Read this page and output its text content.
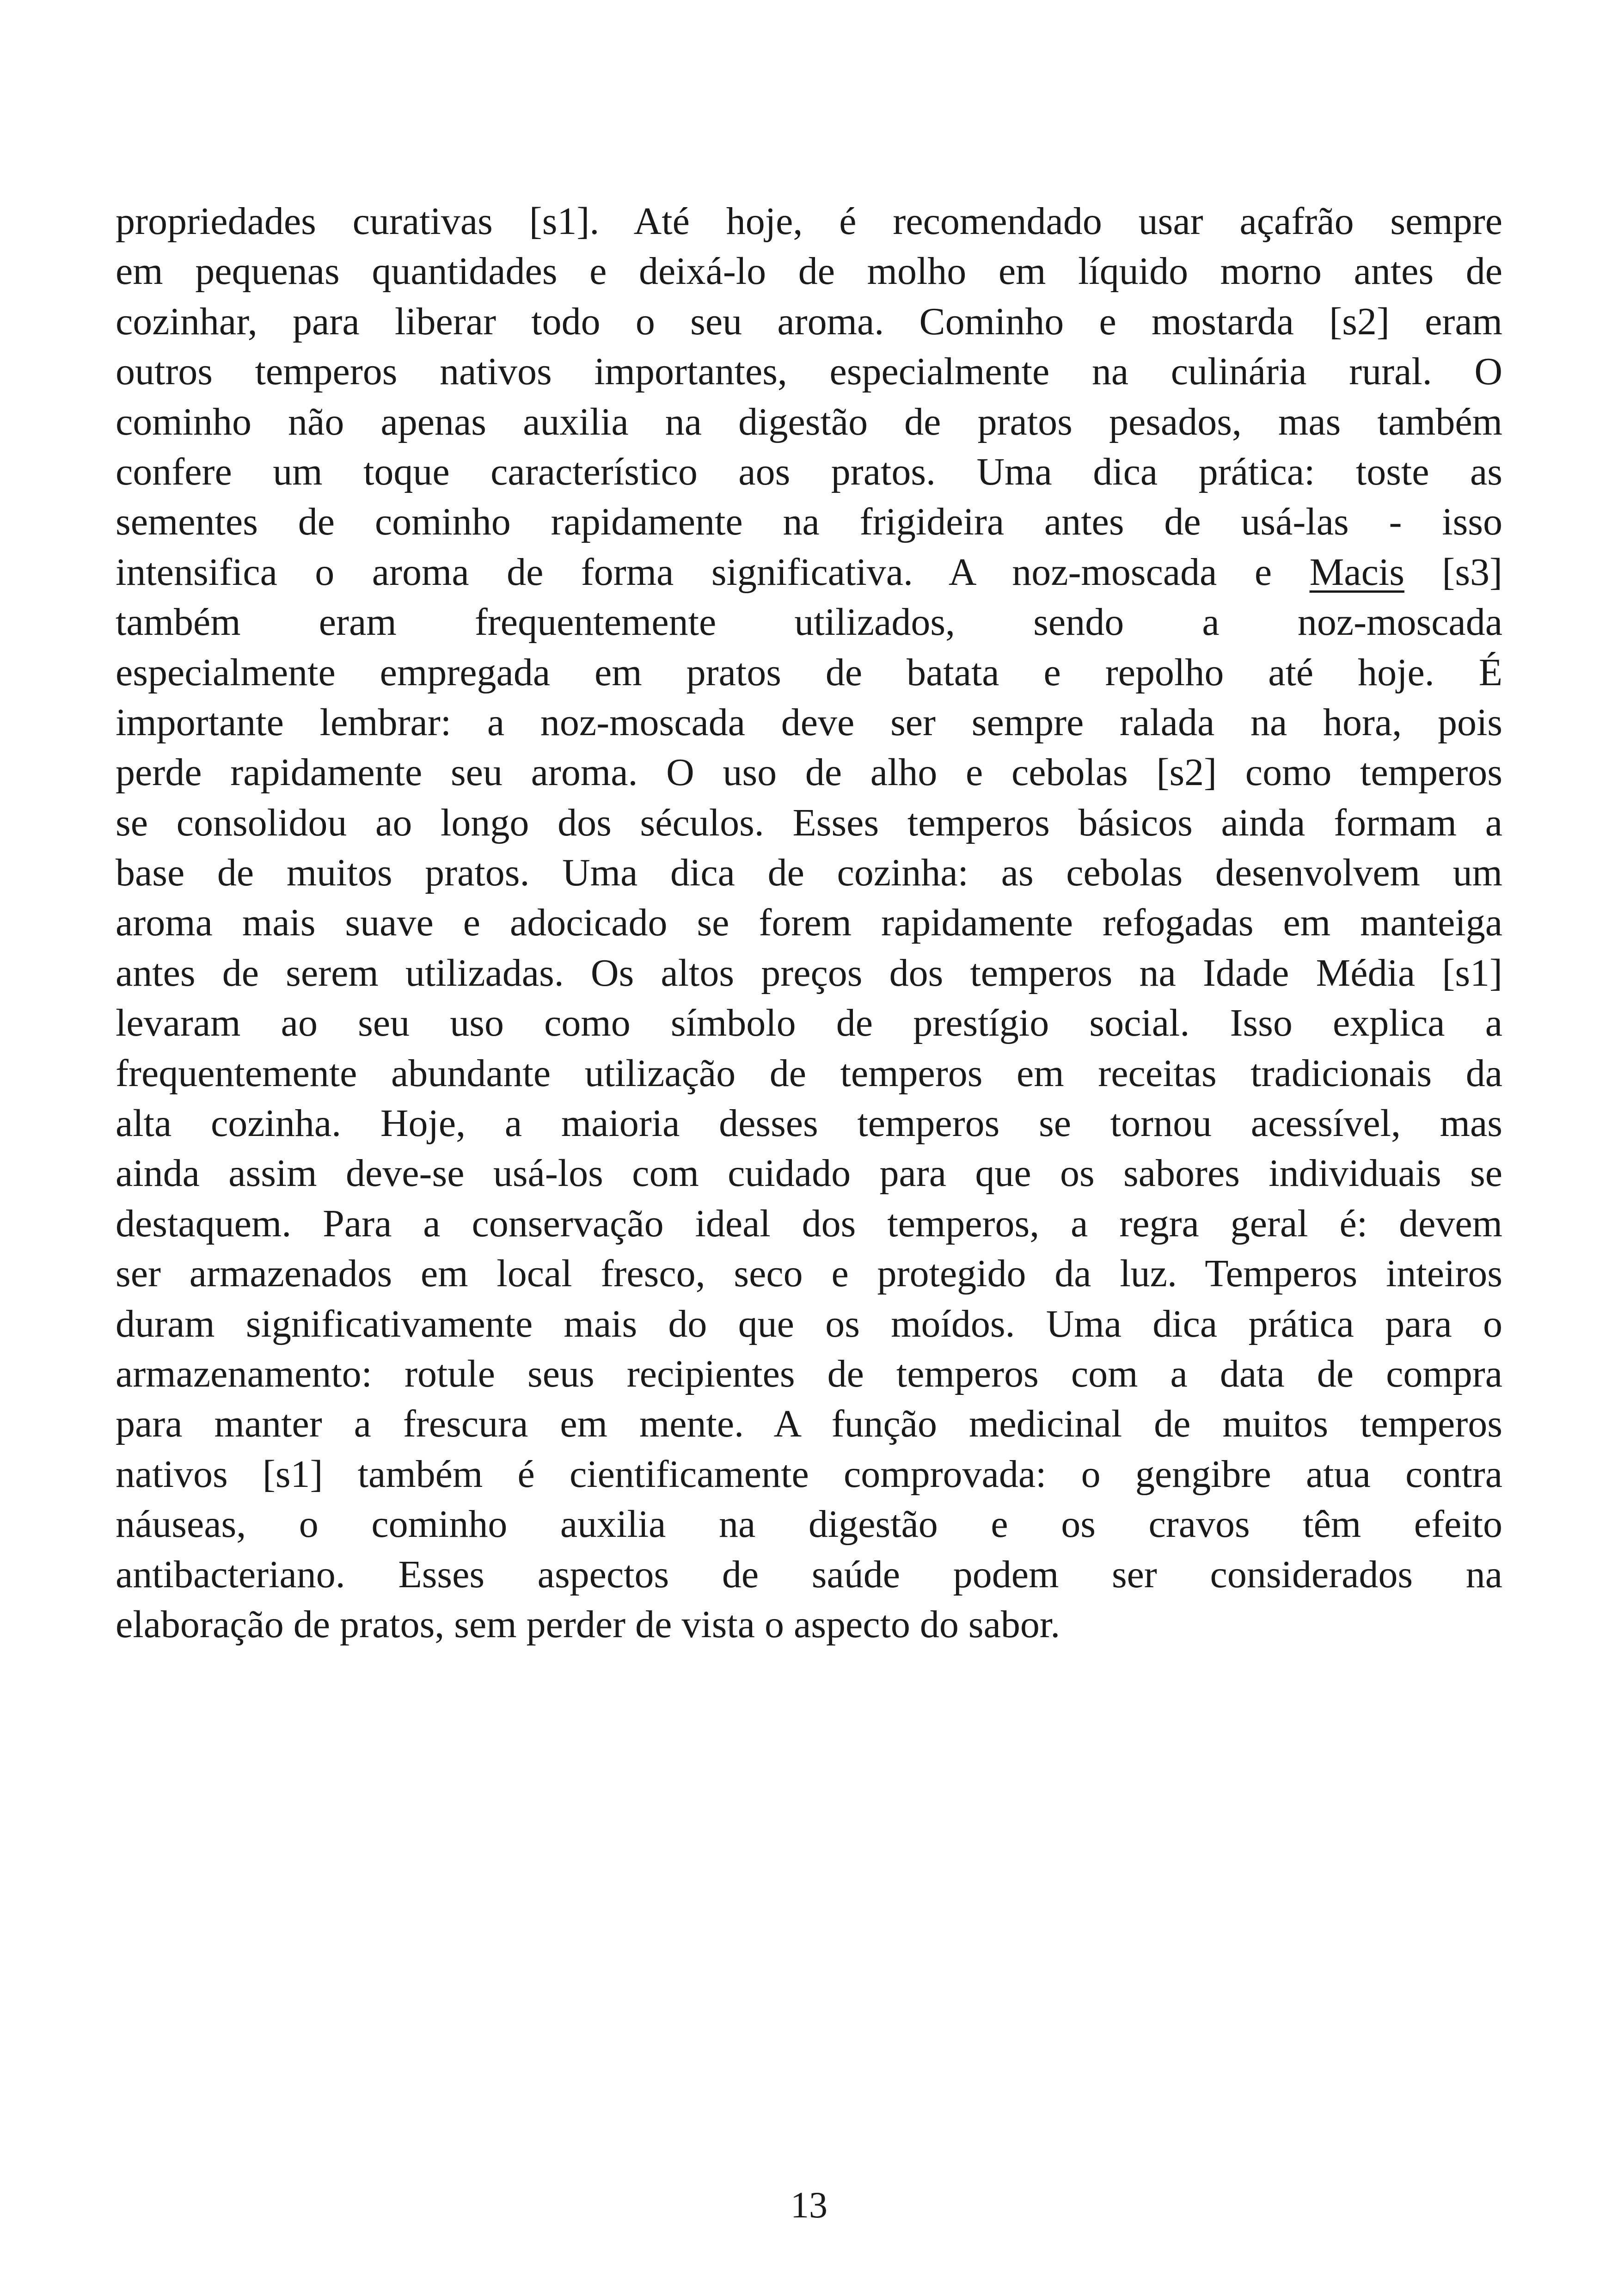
propriedades curativas [s1]. Até hoje, é recomendado usar açafrão sempre
em pequenas quantidades e deixá-lo de molho em líquido morno antes de
cozinhar, para liberar todo o seu aroma. Cominho e mostarda [s2] eram
outros temperos nativos importantes, especialmente na culinária rural. O
cominho não apenas auxilia na digestão de pratos pesados, mas também
confere um toque característico aos pratos. Uma dica prática: toste as
sementes de cominho rapidamente na frigideira antes de usá-las - isso
intensifica o aroma de forma significativa. A noz-moscada e Macis [s3]
também eram frequentemente utilizados, sendo a noz-moscada
especialmente empregada em pratos de batata e repolho até hoje. É
importante lembrar: a noz-moscada deve ser sempre ralada na hora, pois
perde rapidamente seu aroma. O uso de alho e cebolas [s2] como temperos
se consolidou ao longo dos séculos. Esses temperos básicos ainda formam a
base de muitos pratos. Uma dica de cozinha: as cebolas desenvolvem um
aroma mais suave e adocicado se forem rapidamente refogadas em manteiga
antes de serem utilizadas. Os altos preços dos temperos na Idade Média [s1]
levaram ao seu uso como símbolo de prestígio social. Isso explica a
frequentemente abundante utilização de temperos em receitas tradicionais da
alta cozinha. Hoje, a maioria desses temperos se tornou acessível, mas
ainda assim deve-se usá-los com cuidado para que os sabores individuais se
destaquem. Para a conservação ideal dos temperos, a regra geral é: devem
ser armazenados em local fresco, seco e protegido da luz. Temperos inteiros
duram significativamente mais do que os moídos. Uma dica prática para o
armazenamento: rotule seus recipientes de temperos com a data de compra
para manter a frescura em mente. A função medicinal de muitos temperos
nativos [s1] também é cientificamente comprovada: o gengibre atua contra
náuseas, o cominho auxilia na digestão e os cravos têm efeito
antibacteriano. Esses aspectos de saúde podem ser considerados na
elaboração de pratos, sem perder de vista o aspecto do sabor.
13
